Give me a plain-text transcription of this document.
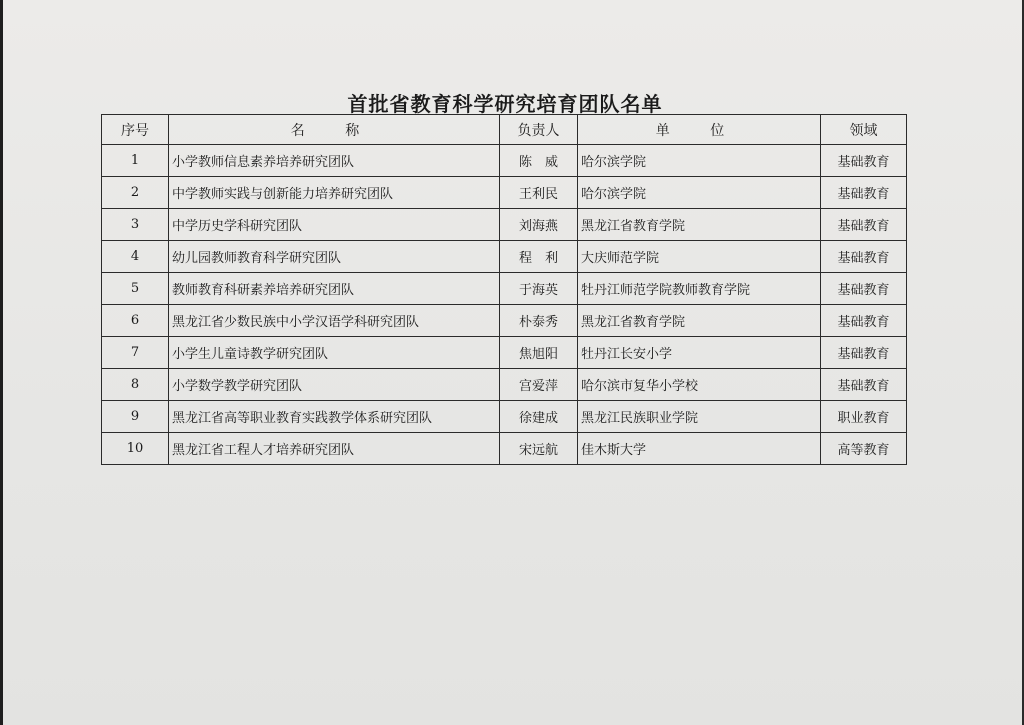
首批省教育科学研究培育团队名单
序号	名 称	负责人	单 位	领域
1	小学教师信息素养培养研究团队	陈　威	哈尔滨学院	基础教育
2	中学教师实践与创新能力培养研究团队	王利民	哈尔滨学院	基础教育
3	中学历史学科研究团队	刘海燕	黑龙江省教育学院	基础教育
4	幼儿园教师教育科学研究团队	程　利	大庆师范学院	基础教育
5	教师教育科研素养培养研究团队	于海英	牡丹江师范学院教师教育学院	基础教育
6	黑龙江省少数民族中小学汉语学科研究团队	朴泰秀	黑龙江省教育学院	基础教育
7	小学生儿童诗教学研究团队	焦旭阳	牡丹江长安小学	基础教育
8	小学数学教学研究团队	宫爱萍	哈尔滨市复华小学校	基础教育
9	黑龙江省高等职业教育实践教学体系研究团队	徐建成	黑龙江民族职业学院	职业教育
10	黑龙江省工程人才培养研究团队	宋远航	佳木斯大学	高等教育
